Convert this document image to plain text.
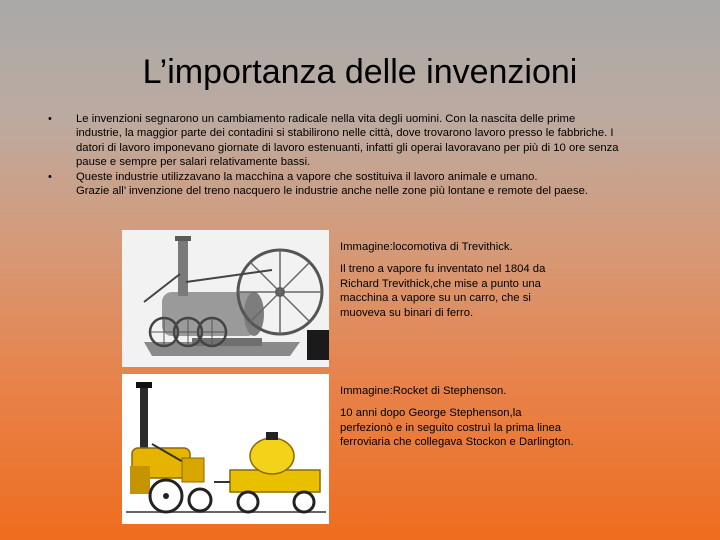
L’importanza delle invenzioni
• Le invenzioni segnarono un cambiamento radicale nella vita degli uomini. Con la nascita delle prime
industrie, la maggior parte dei contadini si stabilirono nelle città, dove trovarono lavoro presso le fabbriche. I
datori di lavoro imponevano giornate di lavoro estenuanti, infatti gli operai lavoravano per più di 10 ore senza
pause e sempre per salari relativamente bassi.
• Queste industrie utilizzavano la macchina a vapore che sostituiva il lavoro animale e umano.
Grazie all’ invenzione del treno nacquero le industrie anche nelle zone più lontane e remote del paese.
Immagine:locomotiva di Trevithick.
Il treno a vapore fu inventato nel 1804 da
Richard Trevithick,che mise a punto una
macchina a vapore su un carro, che si
muoveva su binari di ferro.
Immagine:Rocket di Stephenson.
10 anni dopo George Stephenson,la
perfezionò e in seguito costruì la prima linea
ferroviaria che collegava Stockon e Darlington.
